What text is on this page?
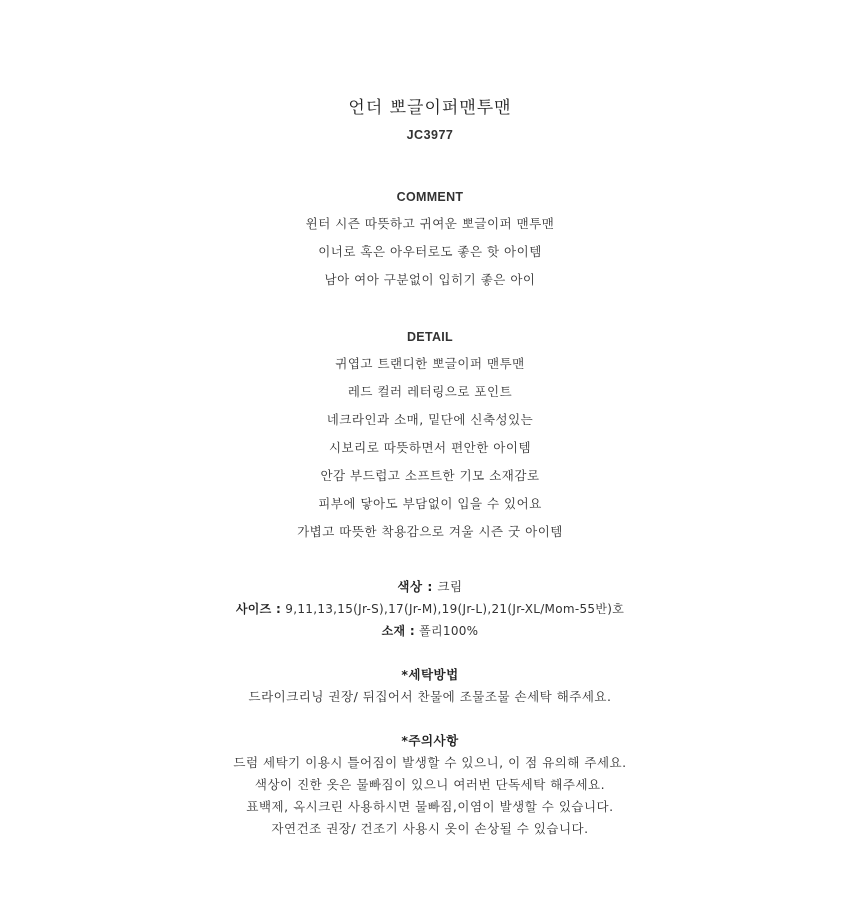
언더 뽀글이퍼맨투맨
JC3977
COMMENT
윈터 시즌 따뜻하고 귀여운 뽀글이퍼 맨투맨
이너로 혹은 아우터로도 좋은 핫 아이템
남아 여아 구분없이 입히기 좋은 아이
DETAIL
귀엽고 트랜디한 뽀글이퍼 맨투맨
레드 컬러 레터링으로 포인트
네크라인과 소매, 밑단에 신축성있는
시보리로 따뜻하면서 편안한 아이템
안감 부드럽고 소프트한 기모 소재감로
피부에 닿아도 부담없이 입을 수 있어요
가볍고 따뜻한 착용감으로 겨울 시즌 굿 아이템
색상 : 크림
사이즈 : 9,11,13,15(Jr-S),17(Jr-M),19(Jr-L),21(Jr-XL/Mom-55반)호
소재 : 폴리100%
*세탁방법
드라이크리닝 권장/ 뒤집어서 찬물에 조물조물 손세탁 해주세요.
*주의사항
드럼 세탁기 이용시 틀어짐이 발생할 수 있으니, 이 점 유의해 주세요.
색상이 진한 옷은 물빠짐이 있으니 여러번 단독세탁 해주세요.
표백제, 옥시크린 사용하시면 물빠짐,이염이 발생할 수 있습니다.
자연건조 권장/ 건조기 사용시 옷이 손상될 수 있습니다.
